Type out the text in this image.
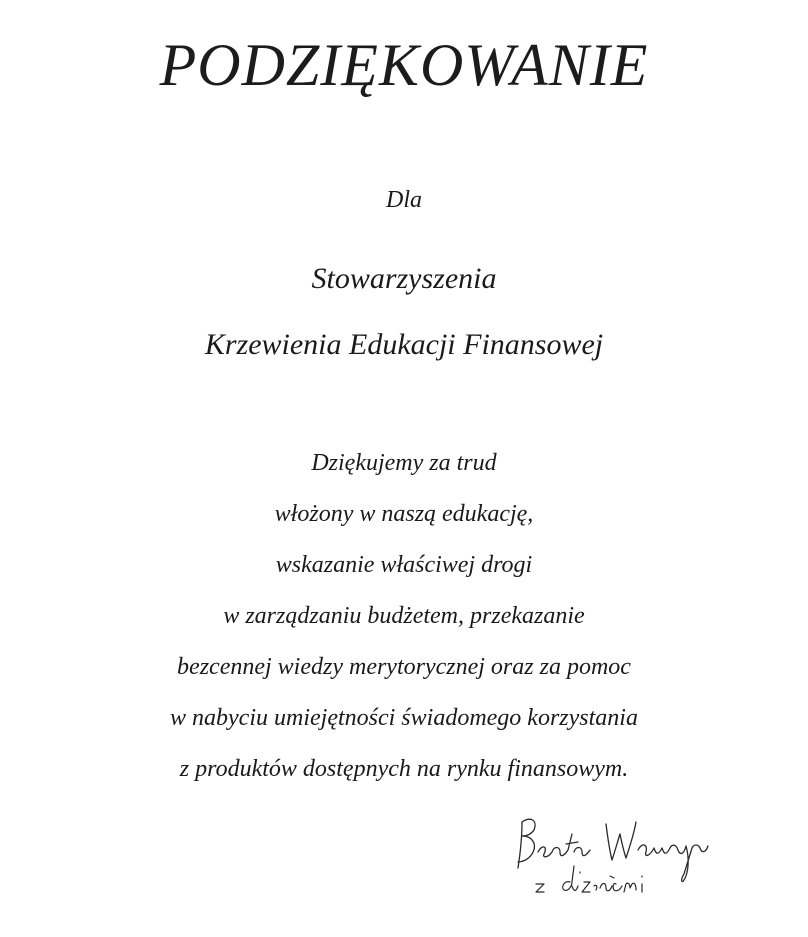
PODZIĘKOWANIE
Dla
Stowarzyszenia
Krzewienia Edukacji Finansowej
Dziękujemy za trud
włożony w naszą edukację,
wskazanie właściwej drogi
w zarządzaniu budżetem, przekazanie
bezcennej wiedzy merytorycznej oraz za pomoc
w nabyciu umiejętności świadomego korzystania
z produktów dostępnych na rynku finansowym.
